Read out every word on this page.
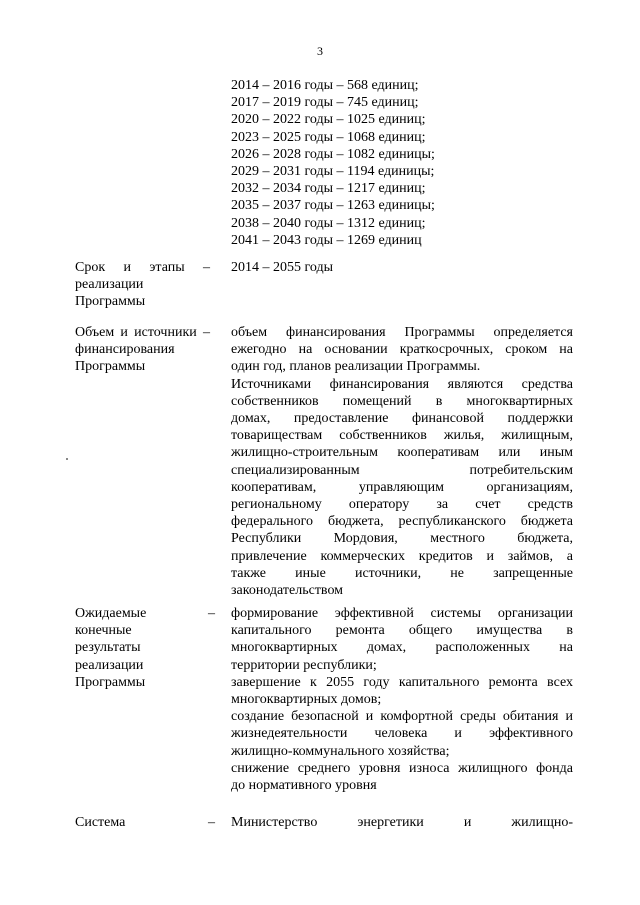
3
2014 – 2016 годы – 568 единиц;
2017 – 2019 годы – 745 единиц;
2020 – 2022 годы – 1025 единиц;
2023 – 2025 годы – 1068 единиц;
2026 – 2028 годы – 1082 единицы;
2029 – 2031 годы – 1194 единицы;
2032 – 2034 годы – 1217 единиц;
2035 – 2037 годы – 1263 единицы;
2038 – 2040 годы – 1312 единиц;
2041 – 2043 годы – 1269 единиц
Срок и этапы –
реализации
Программы
2014 – 2055 годы
Объем и источники –
финансирования
Программы
объем финансирования Программы определяется
ежегодно на основании краткосрочных, сроком на
один год, планов реализации Программы.
Источниками финансирования являются средства
собственников помещений в многоквартирных
домах, предоставление финансовой поддержки
товариществам собственников жилья, жилищным,
жилищно-строительным кооперативам или иным
специализированным потребительским
кооперативам, управляющим организациям,
региональному оператору за счет средств
федерального бюджета, республиканского бюджета
Республики Мордовия, местного бюджета,
привлечение коммерческих кредитов и займов, а
также иные источники, не запрещенные
законодательством
Ожидаемые
конечные
результаты
реализации
Программы
– формирование эффективной системы организации
капитального ремонта общего имущества в
многоквартирных домах, расположенных на
территории республики;
завершение к 2055 году капитального ремонта всех
многоквартирных домов;
создание безопасной и комфортной среды обитания и
жизнедеятельности человека и эффективного
жилищно-коммунального хозяйства;
снижение среднего уровня износа жилищного фонда
до нормативного уровня
Система	– Министерство энергетики и жилищно-
